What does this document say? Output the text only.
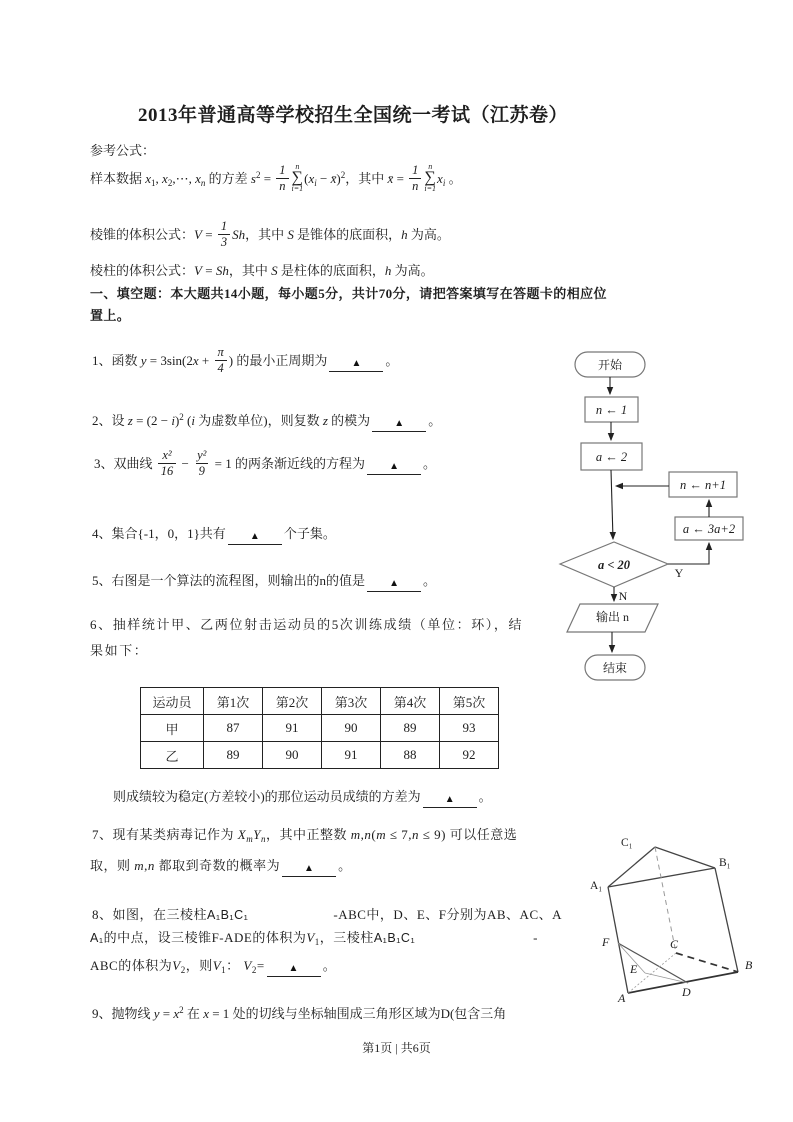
2013年普通高等学校招生全国统一考试（江苏卷）
参考公式：
样本数据 $x_1$, $x_2,\cdots$, $x_n$ 的方差 $s^2 = \frac{1}{n}$ n
∑
i=1
($x_i$ − x̄)$^2$，其中 x̄ = $\frac{1}{n}$ n
∑
i=1
$x_i$ 。
棱锥的体积公式：$V = \frac{1}{3}$ Sh，其中 S 是锥体的底面积，h 为高。
棱柱的体积公式：V = Sh，其中 S 是柱体的底面积，h 为高。
一、填空题：本大题共14小题，每小题5分，共计70分，请把答案填写在答题卡的相应位
置上。
1、函数 $y = 3\sin(2x + \frac{\pi}{4}$ ) 的最小正周期为 ▲ 。
2、设 $z = (2 - i)^2$ (i 为虚数单位)，则复数 z 的模为 ▲ 。
3、双曲线 $\frac{\text{x²}}{16} - \frac{\text{y²}}{9} = 1$ 的两条渐近线的方程为 ▲ 。
4、集合{-1，0，1}共有 ▲ 个子集。
5、右图是一个算法的流程图，则输出的n的值是 ▲ 。
6、抽样统计甲、乙两位射击运动员的5次训练成绩（单位：环），结
果如下：
运动员	第1次	第2次	第3次	第4次	第5次
甲	87	91	90	89	93
乙	89	90	91	88	92
则成绩较为稳定(方差较小)的那位运动员成绩的方差为 ▲ 。
7、现有某类病毒记作为 $X_mY_n$，其中正整数 m,n(m ≤ 7,n ≤ 9) 可以任意选
取，则 m,n 都取到奇数的概率为 ▲ 。
8、如图，在三棱柱A₁B₁C₁	-ABC中，D、E、F分别为AB、AC、A
A₁的中点，设三棱锥F-ADE的体积为$V_1$，三棱柱A₁B₁C₁	-
ABC的体积为$V_2$，则$V_1$： $V_2=$ ▲ 。
9、抛物线 $y = x^2$ 在 x = 1 处的切线与坐标轴围成三角形区域为D(包含三角
开始
n ← 1
a ← 2
n ← n+1
a ← 3a+2
a < 20
Y
N
输出 n
结束
C₁
B₁
A₁
F	C
E
A	D
B
第1页 | 共6页
